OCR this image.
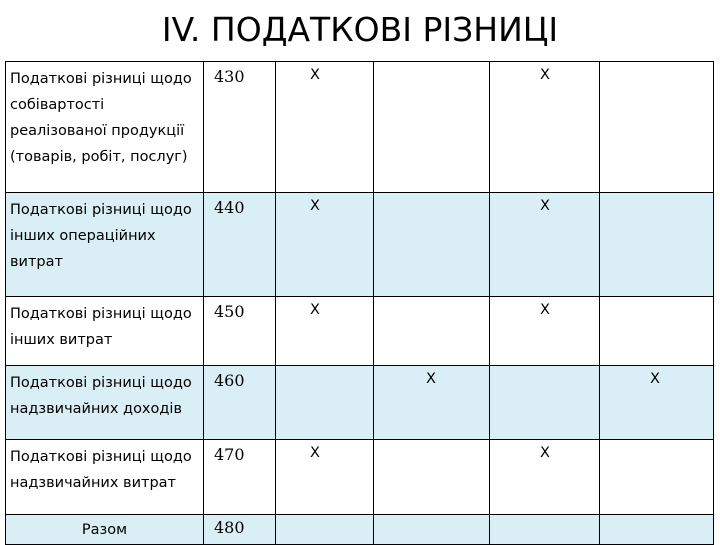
IV. ПОДАТКОВІ РІЗНИЦІ
Податкові різниці щодо собівартості реалізованої продукції (товарів, робіт, послуг)	430	X		X	
Податкові різниці щодо інших операційних витрат	440	X		X	
Податкові різниці щодо інших витрат	450	X		X	
Податкові різниці щодо надзвичайних доходів	460		X		X
Податкові різниці щодо надзвичайних витрат	470	X		X	
Разом	480				
